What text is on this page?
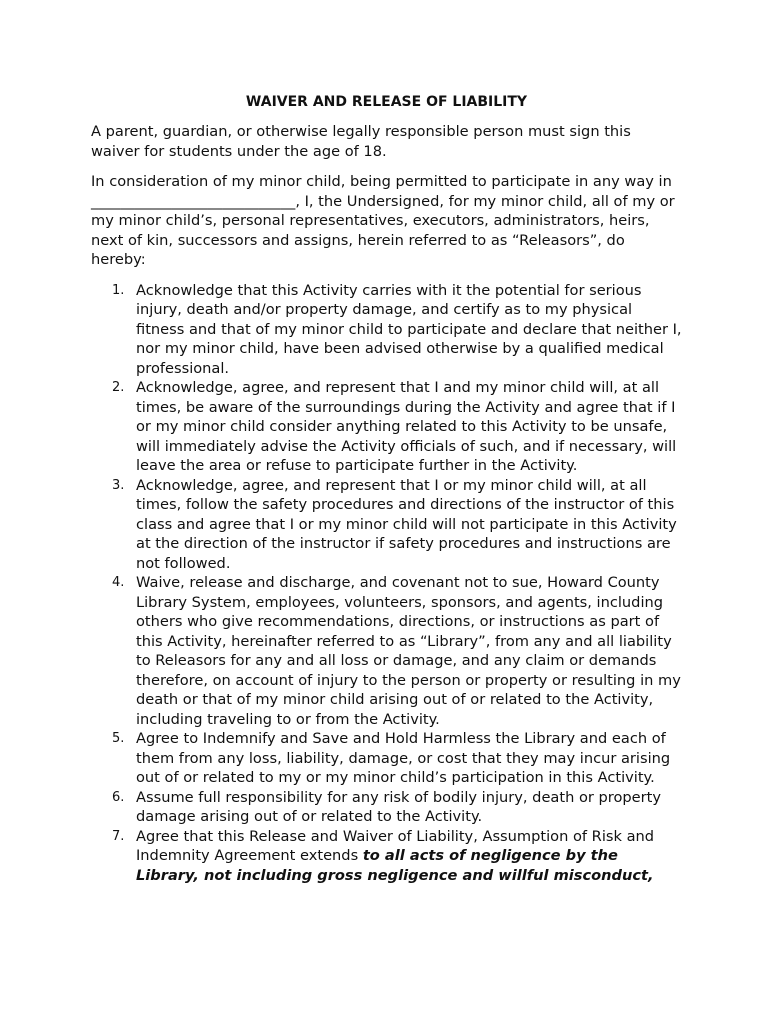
WAIVER AND RELEASE OF LIABILITY

A parent, guardian, or otherwise legally responsible person must sign this waiver for students under the age of 18.

In consideration of my minor child, being permitted to participate in any way in ____________________________, I, the Undersigned, for my minor child, all of my or my minor child’s, personal representatives, executors, administrators, heirs, next of kin, successors and assigns, herein referred to as “Releasors”, do hereby:

1. Acknowledge that this Activity carries with it the potential for serious injury, death and/or property damage, and certify as to my physical fitness and that of my minor child to participate and declare that neither I, nor my minor child, have been advised otherwise by a qualified medical professional.
2. Acknowledge, agree, and represent that I and my minor child will, at all times, be aware of the surroundings during the Activity and agree that if I or my minor child consider anything related to this Activity to be unsafe, will immediately advise the Activity officials of such, and if necessary, will leave the area or refuse to participate further in the Activity.
3. Acknowledge, agree, and represent that I or my minor child will, at all times, follow the safety procedures and directions of the instructor of this class and agree that I or my minor child will not participate in this Activity at the direction of the instructor if safety procedures and instructions are not followed.
4. Waive, release and discharge, and covenant not to sue, Howard County Library System, employees, volunteers, sponsors, and agents, including others who give recommendations, directions, or instructions as part of this Activity, hereinafter referred to as “Library”, from any and all liability to Releasors for any and all loss or damage, and any claim or demands therefore, on account of injury to the person or property or resulting in my death or that of my minor child arising out of or related to the Activity, including traveling to or from the Activity.
5. Agree to Indemnify and Save and Hold Harmless the Library and each of them from any loss, liability, damage, or cost that they may incur arising out of or related to my or my minor child’s participation in this Activity.
6. Assume full responsibility for any risk of bodily injury, death or property damage arising out of or related to the Activity.
7. Agree that this Release and Waiver of Liability, Assumption of Risk and Indemnity Agreement extends to all acts of negligence by the Library, not including gross negligence and willful misconduct,
